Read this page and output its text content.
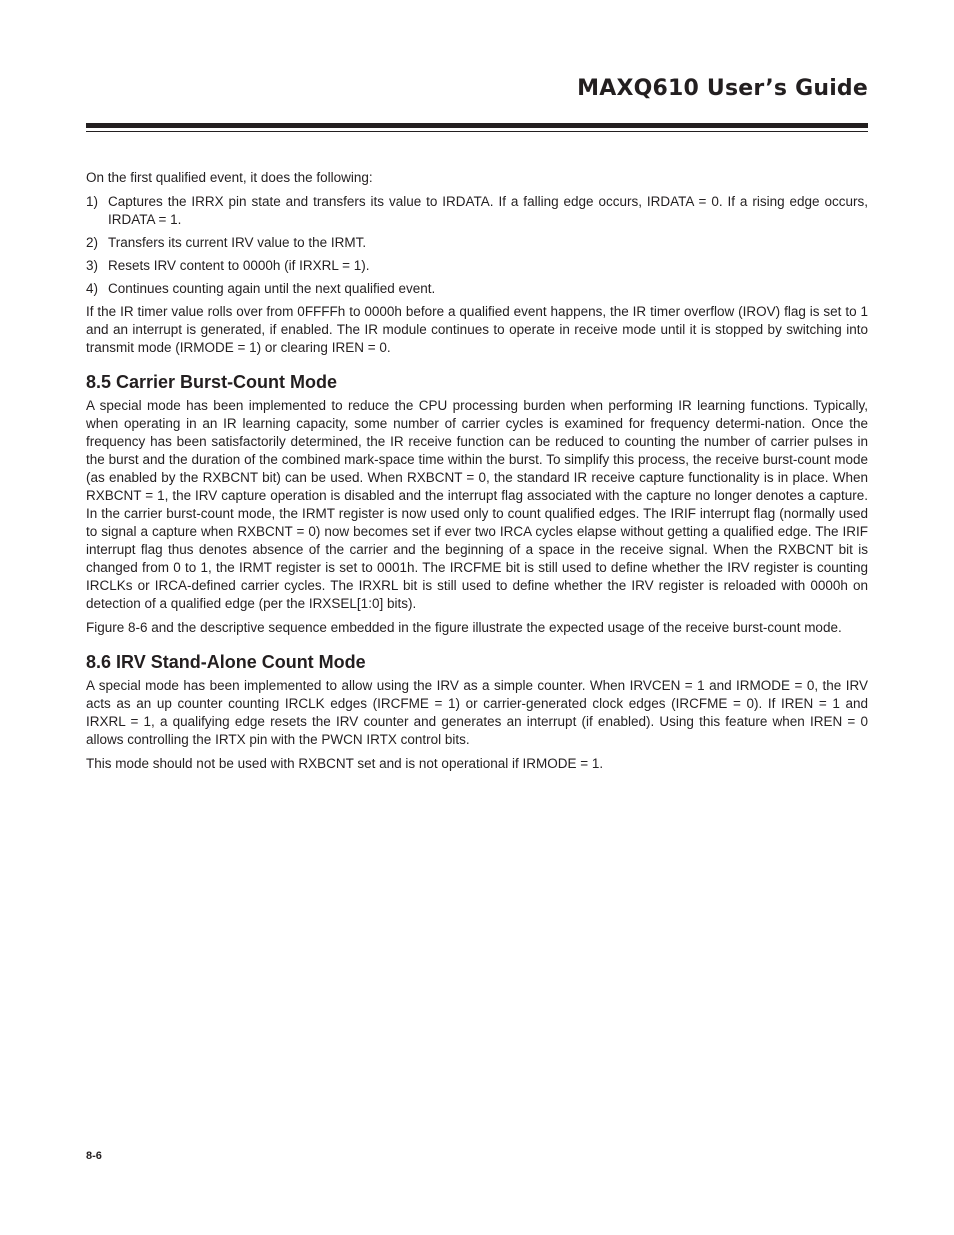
MAXQ610 User’s Guide

On the first qualified event, it does the following:

1) Captures the IRRX pin state and transfers its value to IRDATA. If a falling edge occurs, IRDATA = 0. If a rising edge occurs, IRDATA = 1.
2) Transfers its current IRV value to the IRMT.
3) Resets IRV content to 0000h (if IRXRL = 1).
4) Continues counting again until the next qualified event.

If the IR timer value rolls over from 0FFFFh to 0000h before a qualified event happens, the IR timer overflow (IROV) flag is set to 1 and an interrupt is generated, if enabled. The IR module continues to operate in receive mode until it is stopped by switching into transmit mode (IRMODE = 1) or clearing IREN = 0.

8.5 Carrier Burst-Count Mode

A special mode has been implemented to reduce the CPU processing burden when performing IR learning functions. Typically, when operating in an IR learning capacity, some number of carrier cycles is examined for frequency determi-nation. Once the frequency has been satisfactorily determined, the IR receive function can be reduced to counting the number of carrier pulses in the burst and the duration of the combined mark-space time within the burst. To simplify this process, the receive burst-count mode (as enabled by the RXBCNT bit) can be used. When RXBCNT = 0, the standard IR receive capture functionality is in place. When RXBCNT = 1, the IRV capture operation is disabled and the interrupt flag associated with the capture no longer denotes a capture. In the carrier burst-count mode, the IRMT register is now used only to count qualified edges. The IRIF interrupt flag (normally used to signal a capture when RXBCNT = 0) now becomes set if ever two IRCA cycles elapse without getting a qualified edge. The IRIF interrupt flag thus denotes absence of the carrier and the beginning of a space in the receive signal. When the RXBCNT bit is changed from 0 to 1, the IRMT register is set to 0001h. The IRCFME bit is still used to define whether the IRV register is counting IRCLKs or IRCA-defined carrier cycles. The IRXRL bit is still used to define whether the IRV register is reloaded with 0000h on detection of a qualified edge (per the IRXSEL[1:0] bits).

Figure 8-6 and the descriptive sequence embedded in the figure illustrate the expected usage of the receive burst-count mode.

8.6 IRV Stand-Alone Count Mode

A special mode has been implemented to allow using the IRV as a simple counter. When IRVCEN = 1 and IRMODE = 0, the IRV acts as an up counter counting IRCLK edges (IRCFME = 1) or carrier-generated clock edges (IRCFME = 0). If IREN = 1 and IRXRL = 1, a qualifying edge resets the IRV counter and generates an interrupt (if enabled). Using this feature when IREN = 0 allows controlling the IRTX pin with the PWCN IRTX control bits.

This mode should not be used with RXBCNT set and is not operational if IRMODE = 1.

8-6
